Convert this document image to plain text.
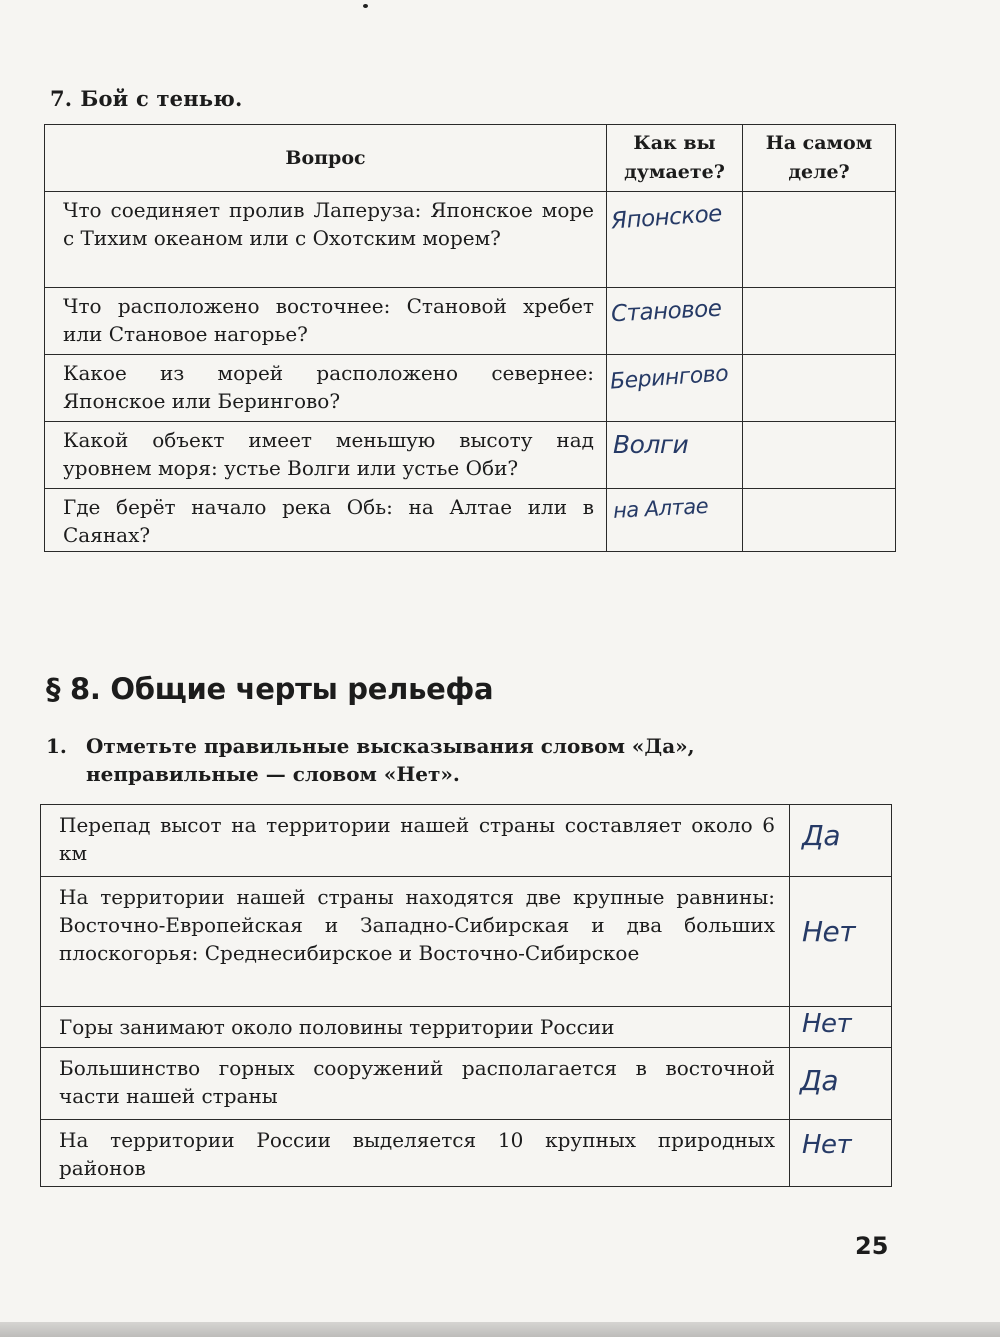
7. Бой с тенью.
Вопрос	Как вы думаете?	На самом деле?
Что соединяет пролив Лаперуза: Японское море с Тихим океаном или с Охотским морем?	Японское	

Что расположено восточнее: Становой хребет или Становое нагорье?	Становое	

Какое из морей расположено севернее: Японское или Берингово?	Берингово	

Какой объект имеет меньшую высоту над уровнем моря: устье Волги или устье Оби?	Волги	

Где берёт начало река Обь: на Алтае или в Саянах?	на Алтае	

§ 8. Общие черты рельефа
1. Отметьте правильные высказывания словом «Да», неправильные — словом «Нет».
Перепад высот на территории нашей страны составляет около 6 км	Да

На территории нашей страны находятся две крупные равнины: Восточно-Европейская и Западно-Сибирская и два больших плоскогорья: Среднесибирское и Восточно-Сибирское	Нет

Горы занимают около половины территории России	Нет

Большинство горных сооружений располагается в восточной части нашей страны	Да

На территории России выделяется 10 крупных природных районов	Нет
25
